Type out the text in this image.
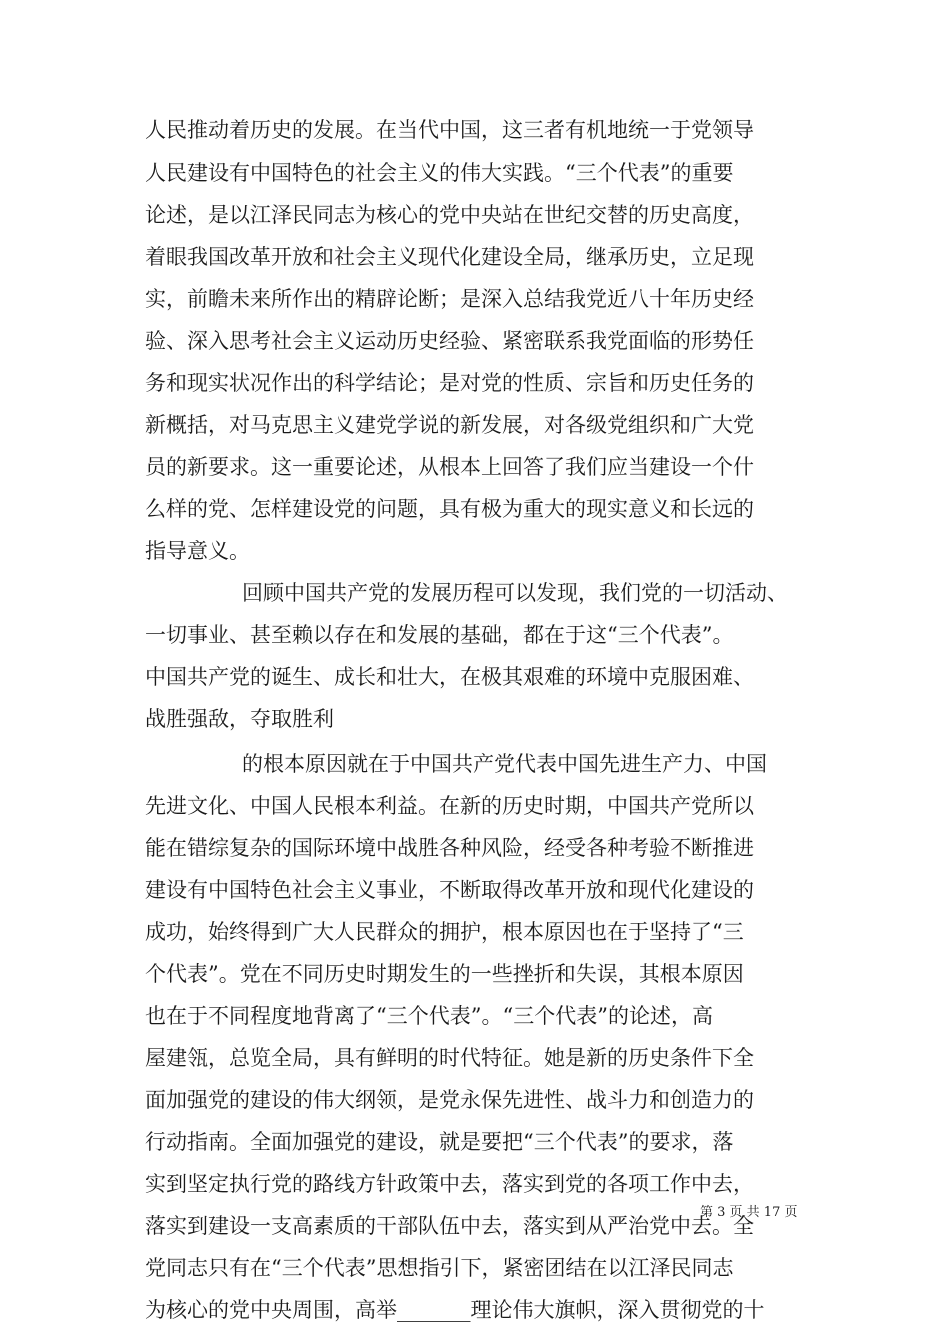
人民推动着历史的发展。在当代中国，这三者有机地统一于党领导
人民建设有中国特色的社会主义的伟大实践。“三个代表”的重要
论述，是以江泽民同志为核心的党中央站在世纪交替的历史高度，
着眼我国改革开放和社会主义现代化建设全局，继承历史，立足现
实，前瞻未来所作出的精辟论断；是深入总结我党近八十年历史经
验、深入思考社会主义运动历史经验、紧密联系我党面临的形势任
务和现实状况作出的科学结论；是对党的性质、宗旨和历史任务的
新概括，对马克思主义建党学说的新发展，对各级党组织和广大党
员的新要求。这一重要论述，从根本上回答了我们应当建设一个什
么样的党、怎样建设党的问题，具有极为重大的现实意义和长远的
指导意义。
回顾中国共产党的发展历程可以发现，我们党的一切活动、
一切事业、甚至赖以存在和发展的基础，都在于这“三个代表”。
中国共产党的诞生、成长和壮大，在极其艰难的环境中克服困难、
战胜强敌，夺取胜利
的根本原因就在于中国共产党代表中国先进生产力、中国
先进文化、中国人民根本利益。在新的历史时期，中国共产党所以
能在错综复杂的国际环境中战胜各种风险，经受各种考验不断推进
建设有中国特色社会主义事业，不断取得改革开放和现代化建设的
成功，始终得到广大人民群众的拥护，根本原因也在于坚持了“三
个代表”。党在不同历史时期发生的一些挫折和失误，其根本原因
也在于不同程度地背离了“三个代表”。“三个代表”的论述，高
屋建瓴，总览全局，具有鲜明的时代特征。她是新的历史条件下全
面加强党的建设的伟大纲领，是党永保先进性、战斗力和创造力的
行动指南。全面加强党的建设，就是要把“三个代表”的要求，落
实到坚定执行党的路线方针政策中去，落实到党的各项工作中去，
落实到建设一支高素质的干部队伍中去，落实到从严治党中去。全
党同志只有在“三个代表”思想指引下，紧密团结在以江泽民同志
为核心的党中央周围，高举_______理论伟大旗帜，深入贯彻党的十
第 3 页 共 17 页
